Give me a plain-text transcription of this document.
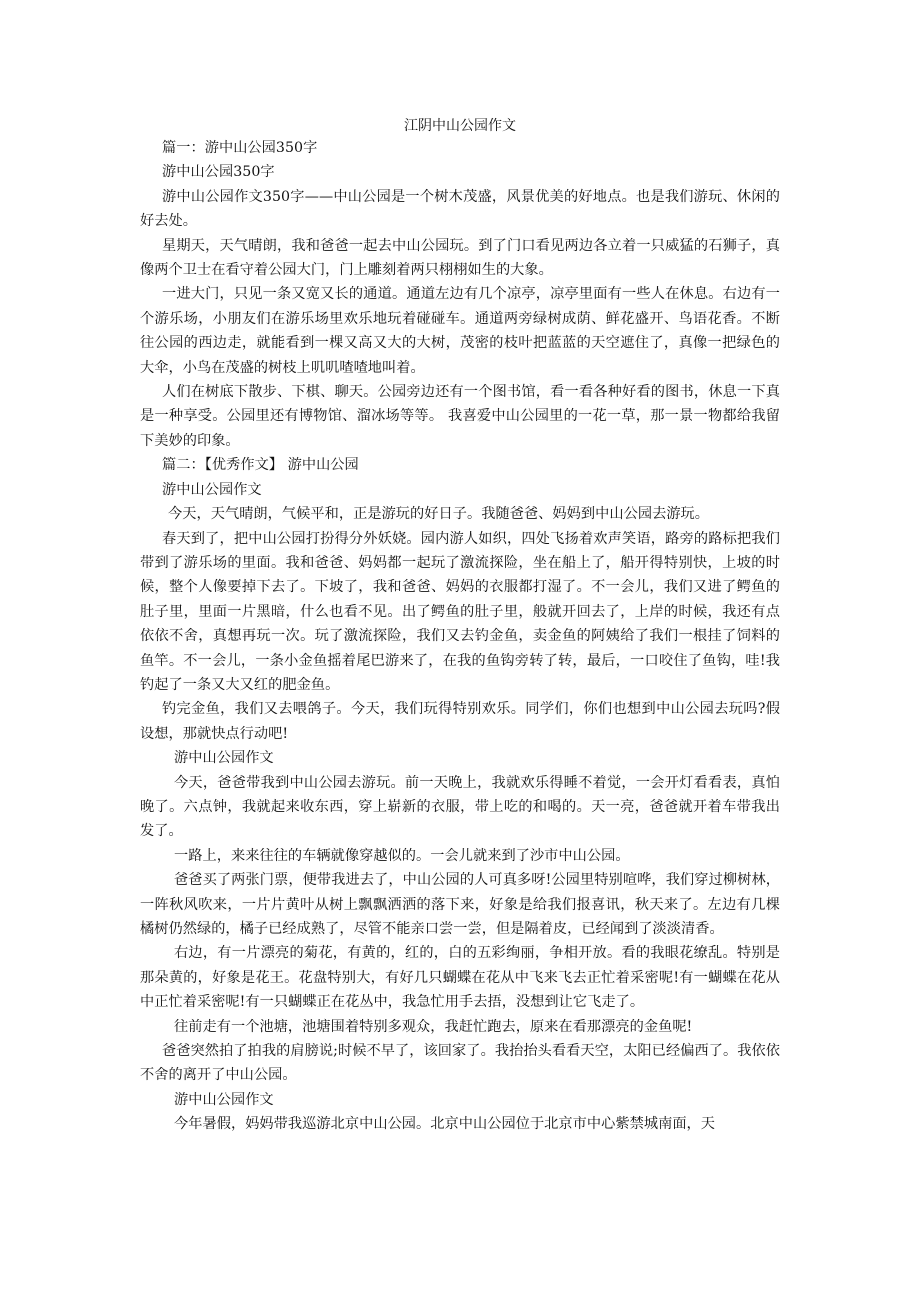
江阴中山公园作文

篇一：游中山公园350字

游中山公园350字

游中山公园作文350字——中山公园是一个树木茂盛，风景优美的好地点。也是我们游玩、休闲的好去处。

星期天，天气晴朗，我和爸爸一起去中山公园玩。到了门口看见两边各立着一只威猛的石狮子，真像两个卫士在看守着公园大门，门上雕刻着两只栩栩如生的大象。

一进大门，只见一条又宽又长的通道。通道左边有几个凉亭，凉亭里面有一些人在休息。右边有一个游乐场，小朋友们在游乐场里欢乐地玩着碰碰车。通道两旁绿树成荫、鲜花盛开、鸟语花香。不断往公园的西边走，就能看到一棵又高又大的大树，茂密的枝叶把蓝蓝的天空遮住了，真像一把绿色的大伞，小鸟在茂盛的树枝上叽叽喳喳地叫着。

人们在树底下散步、下棋、聊天。公园旁边还有一个图书馆，看一看各种好看的图书，休息一下真是一种享受。公园里还有博物馆、溜冰场等等。 我喜爱中山公园里的一花一草，那一景一物都给我留下美妙的印象。

篇二：【优秀作文】 游中山公园

游中山公园作文

今天，天气晴朗，气候平和，正是游玩的好日子。我随爸爸、妈妈到中山公园去游玩。

春天到了，把中山公园打扮得分外妖娆。园内游人如织，四处飞扬着欢声笑语，路旁的路标把我们带到了游乐场的里面。我和爸爸、妈妈都一起玩了激流探险，坐在船上了，船开得特别快，上坡的时候，整个人像要掉下去了。下坡了，我和爸爸、妈妈的衣服都打湿了。不一会儿，我们又进了鳄鱼的肚子里，里面一片黑暗，什么也看不见。出了鳄鱼的肚子里，般就开回去了，上岸的时候，我还有点依依不舍，真想再玩一次。玩了激流探险，我们又去钓金鱼，卖金鱼的阿姨给了我们一根挂了饲料的鱼竿。不一会儿，一条小金鱼摇着尾巴游来了，在我的鱼钩旁转了转，最后，一口咬住了鱼钩，哇!我钓起了一条又大又红的肥金鱼。

钓完金鱼，我们又去喂鸽子。今天，我们玩得特别欢乐。同学们，你们也想到中山公园去玩吗?假设想，那就快点行动吧!

游中山公园作文

今天，爸爸带我到中山公园去游玩。前一天晚上，我就欢乐得睡不着觉，一会开灯看看表，真怕晚了。六点钟，我就起来收东西，穿上崭新的衣服，带上吃的和喝的。天一亮，爸爸就开着车带我出发了。

一路上，来来往往的车辆就像穿越似的。一会儿就来到了沙市中山公园。

爸爸买了两张门票，便带我进去了，中山公园的人可真多呀!公园里特别喧哗，我们穿过柳树林，一阵秋风吹来，一片片黄叶从树上飘飘洒洒的落下来，好象是给我们报喜讯，秋天来了。左边有几棵橘树仍然绿的，橘子已经成熟了，尽管不能亲口尝一尝，但是隔着皮，已经闻到了淡淡清香。

右边，有一片漂亮的菊花，有黄的，红的，白的五彩绚丽，争相开放。看的我眼花缭乱。特别是那朵黄的，好象是花王。花盘特别大，有好几只蝴蝶在花从中飞来飞去正忙着采密呢!有一蝴蝶在花从中正忙着采密呢!有一只蝴蝶正在花丛中，我急忙用手去捂，没想到让它飞走了。

往前走有一个池塘，池塘围着特别多观众，我赶忙跑去，原来在看那漂亮的金鱼呢!

爸爸突然拍了拍我的肩膀说;时候不早了，该回家了。我抬抬头看看天空，太阳已经偏西了。我依依不舍的离开了中山公园。

游中山公园作文

今年暑假，妈妈带我巡游北京中山公园。北京中山公园位于北京市中心紫禁城南面，天
